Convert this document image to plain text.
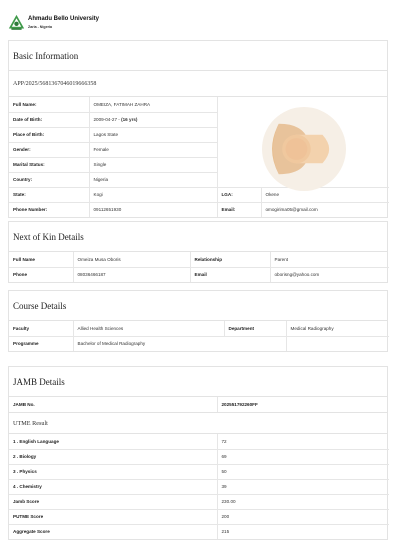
Ahmadu Bello University
Zaria - Nigeria
Basic Information
APP/2025/5681367046019666358
Full Name:	OMEIZA, FATIMAH ZAHRA	

Date of Birth:	2009-04-27 - (16 yrs)		
Place of Birth:	Lagos State		
Gender:	Female		
Marital Status:	Single		
Country:	Nigeria		
State:	Kogi	LGA:	Okene
Phone Number:	09112651930	Email:	omogirima05@gmail.com
Next of Kin Details
Full Name	Omeiza Musa Oboris	Relationship	Parent
Phone	08036466187	Email	oborisng@yahoo.com
Course Details
Faculty	Allied Health Sciences	Department	Medical Radiography
Programme	Bachelor of Medical Radiography		
JAMB Details
JAMB No.	202551792260FF
UTME Result
1 . English Language	72
2 . Biology	69
3 . Physics	50
4 . Chemistry	39
Jamb Score	230.00
PUTME Score	200
Aggregate Score	215
